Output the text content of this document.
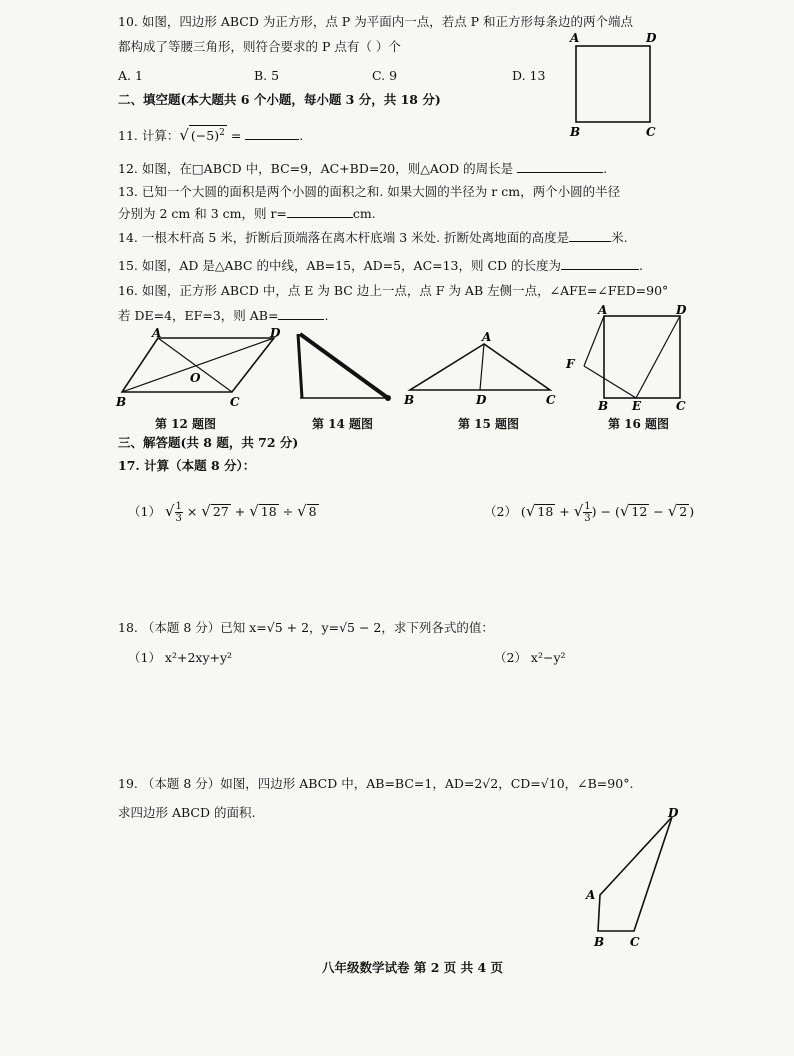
10. 如图，四边形 ABCD 为正方形，点 P 为平面内一点，若点 P 和正方形每条边的两个端点
都构成了等腰三角形，则符合要求的 P 点有（ ）个
A. 1	B. 5	C. 9	D. 13
A	D
B	C
二、填空题(本大题共 6 个小题，每小题 3 分，共 18 分)
11. 计算：√ $(-5)^2$ =	.
12. 如图，在□ABCD 中，BC=9，AC+BD=20，则△AOD 的周长是	.
13. 已知一个大圆的面积是两个小圆的面积之和. 如果大圆的半径为 r cm，两个小圆的半径
分别为 2 cm 和 3 cm，则 r=	cm.
14. 一根木杆高 5 米，折断后顶端落在离木杆底端 3 米处. 折断处离地面的高度是	米.
15. 如图，AD 是△ABC 的中线，AB=15，AD=5，AC=13，则 CD 的长度为	.
16. 如图，正方形 ABCD 中，点 E 为 BC 边上一点，点 F 为 AB 左侧一点，∠AFE=∠FED=90°
若 DE=4，EF=3，则 AB=	.
A	D
O
B	C
第 12 题图	第 14 题图
A
B	D	C
第 15 题图
A	D
F
B E	C
第 16 题图
三、解答题(共 8 题，共 72 分)
17. 计算（本题 8 分）：
（1） √ $\frac{1}{3}$ × √ 27 + √ 18 ÷ √ 8	（2） (√ 18 + √ $\frac{1}{3}$ ) − (√ 12 − √ 2 )
18. （本题 8 分）已知 x=√5 + 2，y=√5 − 2，求下列各式的值：
（1） x²+2xy+y²	（2） x²−y²
19. （本题 8 分）如图，四边形 ABCD 中，AB=BC=1，AD=2√2，CD=√10，∠B=90°.
求四边形 ABCD 的面积.	D
A
B C
八年级数学试卷 第 2 页 共 4 页
